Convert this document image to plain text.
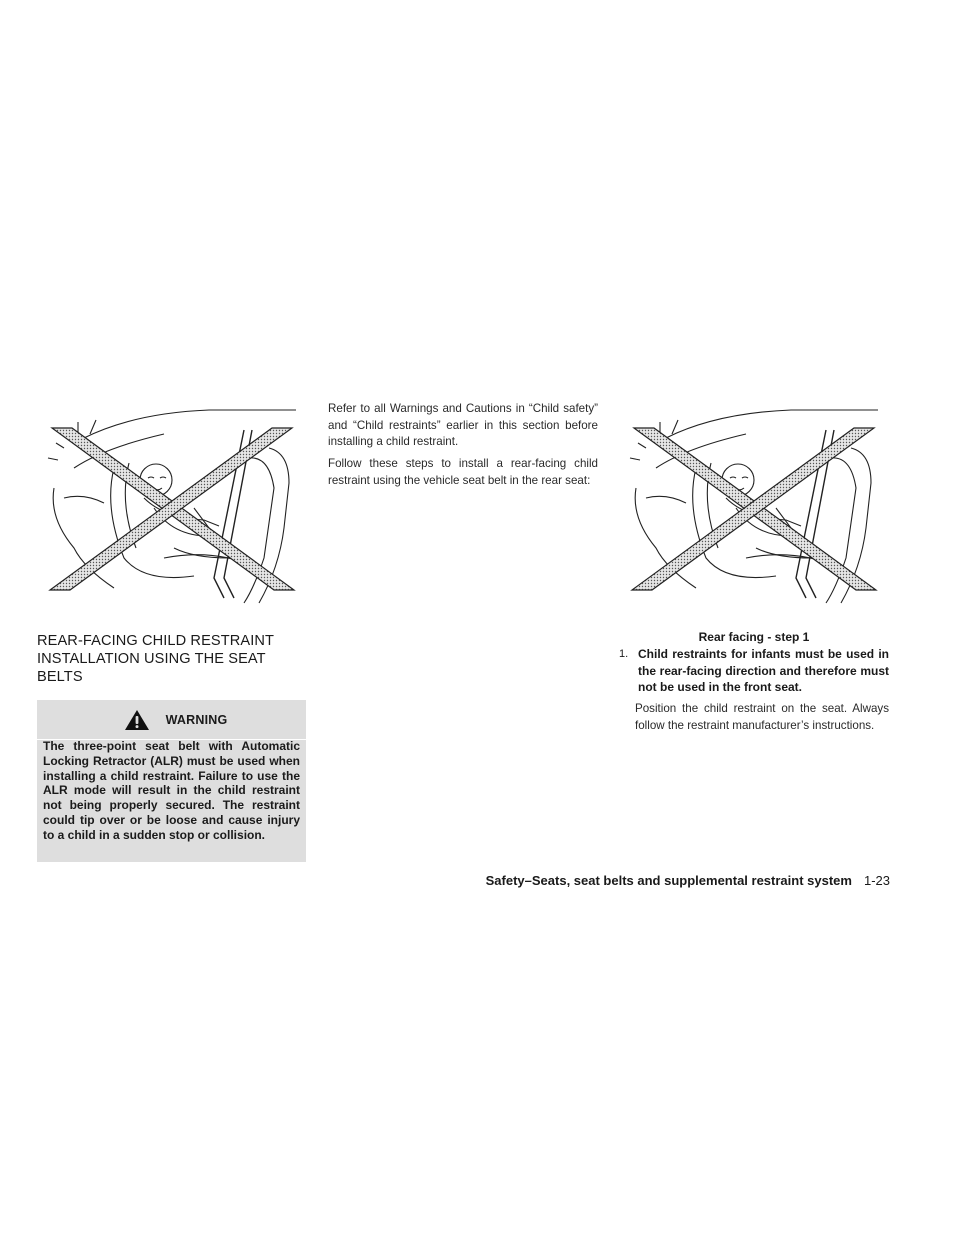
REAR-FACING CHILD RESTRAINT INSTALLATION USING THE SEAT BELTS
WARNING
The three-point seat belt with Automatic Locking Retractor (ALR) must be used when installing a child restraint. Failure to use the ALR mode will result in the child restraint not being properly secured. The restraint could tip over or be loose and cause injury to a child in a sudden stop or collision.
Refer to all Warnings and Cautions in “Child safety” and “Child restraints” earlier in this section before installing a child restraint.
Follow these steps to install a rear-facing child restraint using the vehicle seat belt in the rear seat:
Rear facing - step 1
1. Child restraints for infants must be used in the rear-facing direction and therefore must not be used in the front seat.
Position the child restraint on the seat. Always follow the restraint manufacturer’s instructions.
Safety–Seats, seat belts and supplemental restraint system 1-23
